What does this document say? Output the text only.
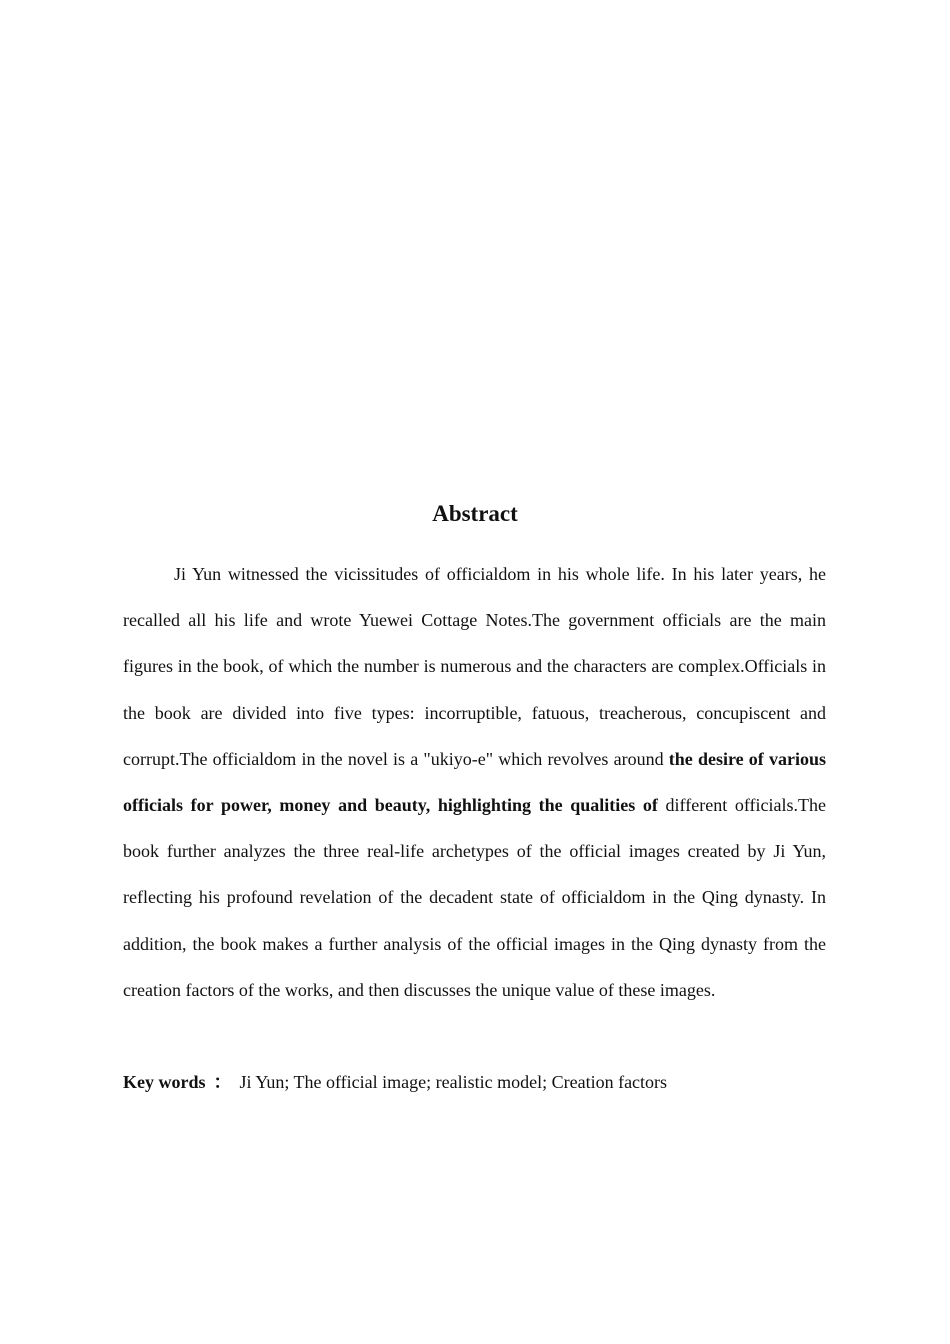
Abstract

Ji Yun witnessed the vicissitudes of officialdom in his whole life. In his later years, he recalled all his life and wrote Yuewei Cottage Notes.The government officials are the main figures in the book, of which the number is numerous and the characters are complex.Officials in the book are divided into five types: incorruptible, fatuous, treacherous, concupiscent and corrupt.The officialdom in the novel is a "ukiyo-e" which revolves around the desire of various officials for power, money and beauty, highlighting the qualities of different officials.The book further analyzes the three real-life archetypes of the official images created by Ji Yun, reflecting his profound revelation of the decadent state of officialdom in the Qing dynasty. In addition, the book makes a further analysis of the official images in the Qing dynasty from the creation factors of the works, and then discusses the unique value of these images.

Key words ： Ji Yun; The official image; realistic model; Creation factors
